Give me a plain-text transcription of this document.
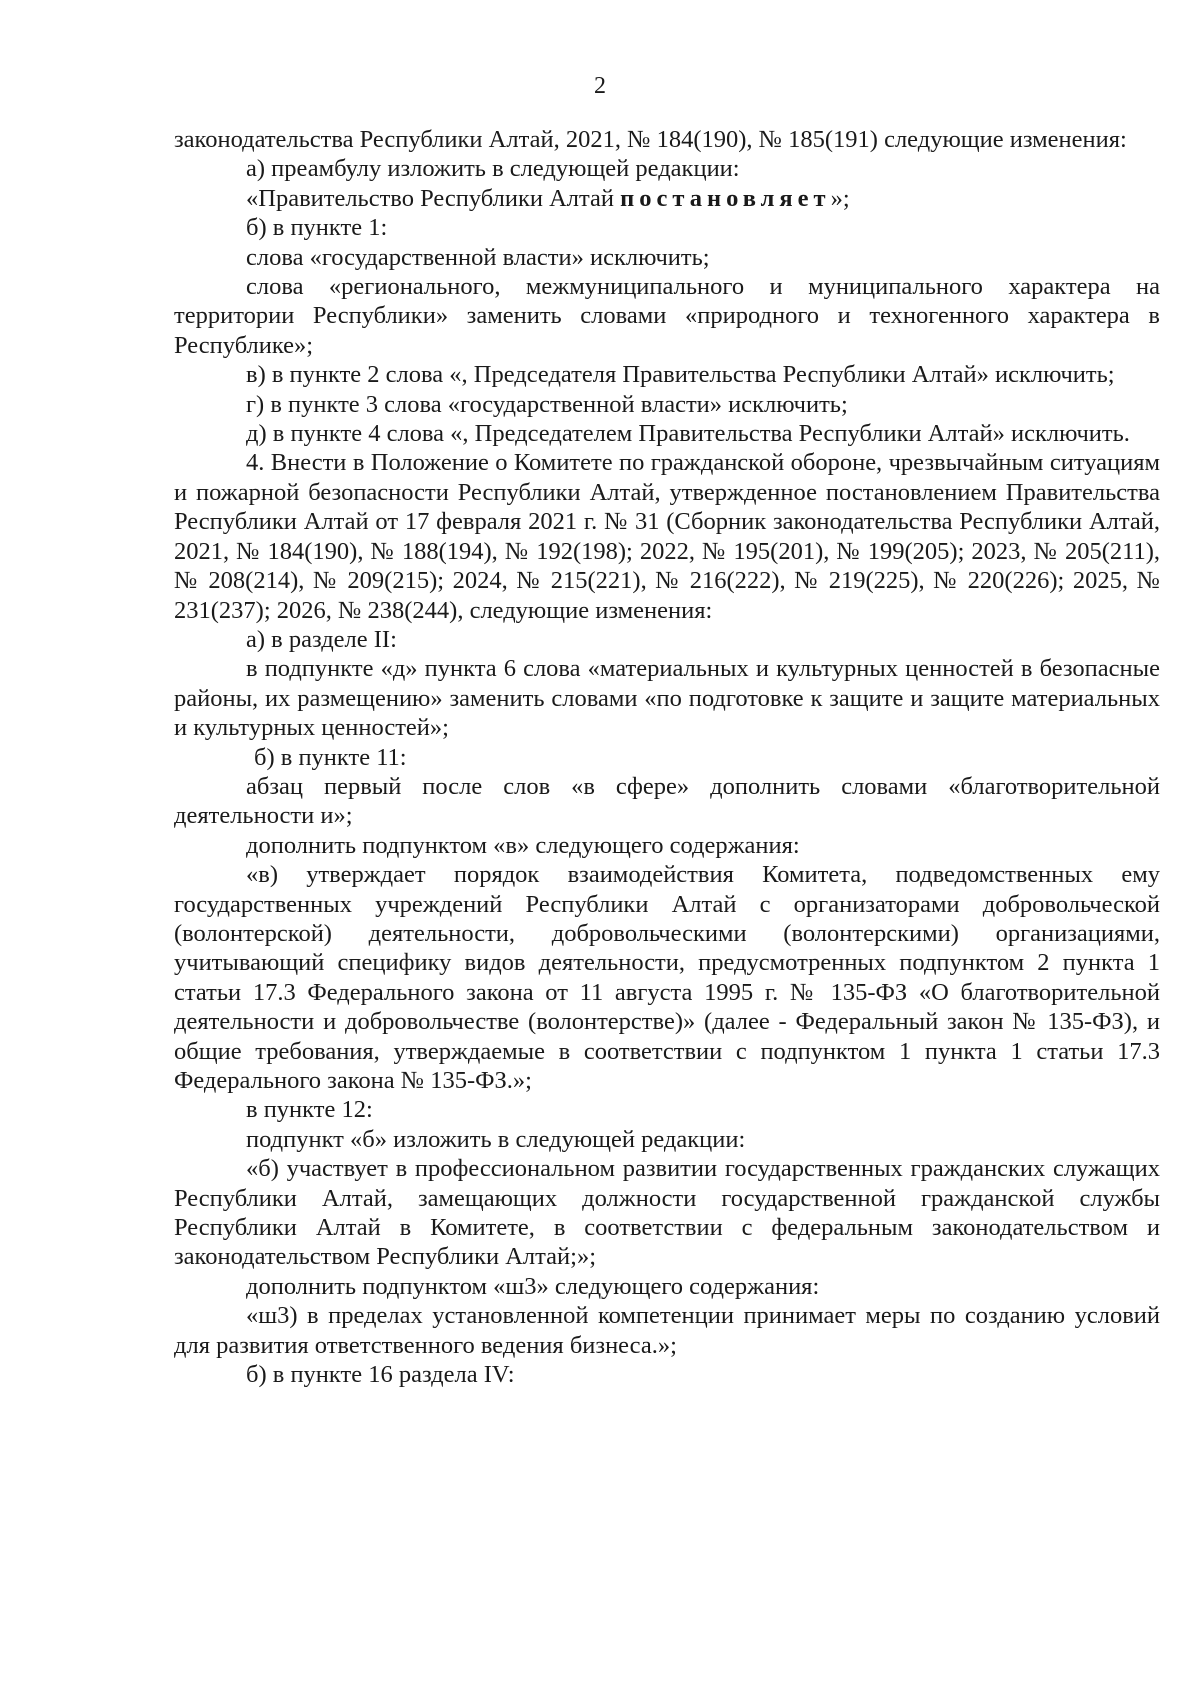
2

законодательства Республики Алтай, 2021, № 184(190), № 185(191) следующие изменения:

а) преамбулу изложить в следующей редакции:

«Правительство Республики Алтай постановляет»;

б) в пункте 1:

слова «государственной власти» исключить;

слова «регионального, межмуниципального и муниципального характера на территории Республики» заменить словами «природного и техногенного характера в Республике»;

в) в пункте 2 слова «, Председателя Правительства Республики Алтай» исключить;

г) в пункте 3 слова «государственной власти» исключить;

д) в пункте 4 слова «, Председателем Правительства Республики Алтай» исключить.

4. Внести в Положение о Комитете по гражданской обороне, чрезвычайным ситуациям и пожарной безопасности Республики Алтай, утвержденное постановлением Правительства Республики Алтай от 17 февраля 2021 г. № 31 (Сборник законодательства Республики Алтай, 2021, № 184(190), № 188(194), № 192(198); 2022, № 195(201), № 199(205); 2023, № 205(211), № 208(214), № 209(215); 2024, № 215(221), № 216(222), № 219(225), № 220(226); 2025, № 231(237); 2026, № 238(244), следующие изменения:

а) в разделе II:

в подпункте «д» пункта 6 слова «материальных и культурных ценностей в безопасные районы, их размещению» заменить словами «по подготовке к защите и защите материальных и культурных ценностей»;

б) в пункте 11:

абзац первый после слов «в сфере» дополнить словами «благотворительной деятельности и»;

дополнить подпунктом «в» следующего содержания:

«в) утверждает порядок взаимодействия Комитета, подведомственных ему государственных учреждений Республики Алтай с организаторами добровольческой (волонтерской) деятельности, добровольческими (волонтерскими) организациями, учитывающий специфику видов деятельности, предусмотренных подпунктом 2 пункта 1 статьи 17.3 Федерального закона от 11 августа 1995 г. № 135-ФЗ «О благотворительной деятельности и добровольчестве (волонтерстве)» (далее - Федеральный закон № 135-ФЗ), и общие требования, утверждаемые в соответствии с подпунктом 1 пункта 1 статьи 17.3 Федерального закона № 135-ФЗ.»;

в пункте 12:

подпункт «б» изложить в следующей редакции:

«б) участвует в профессиональном развитии государственных гражданских служащих Республики Алтай, замещающих должности государственной гражданской службы Республики Алтай в Комитете, в соответствии с федеральным законодательством и законодательством Республики Алтай;»;

дополнить подпунктом «ш3» следующего содержания:

«ш3) в пределах установленной компетенции принимает меры по созданию условий для развития ответственного ведения бизнеса.»;

б) в пункте 16 раздела IV:
